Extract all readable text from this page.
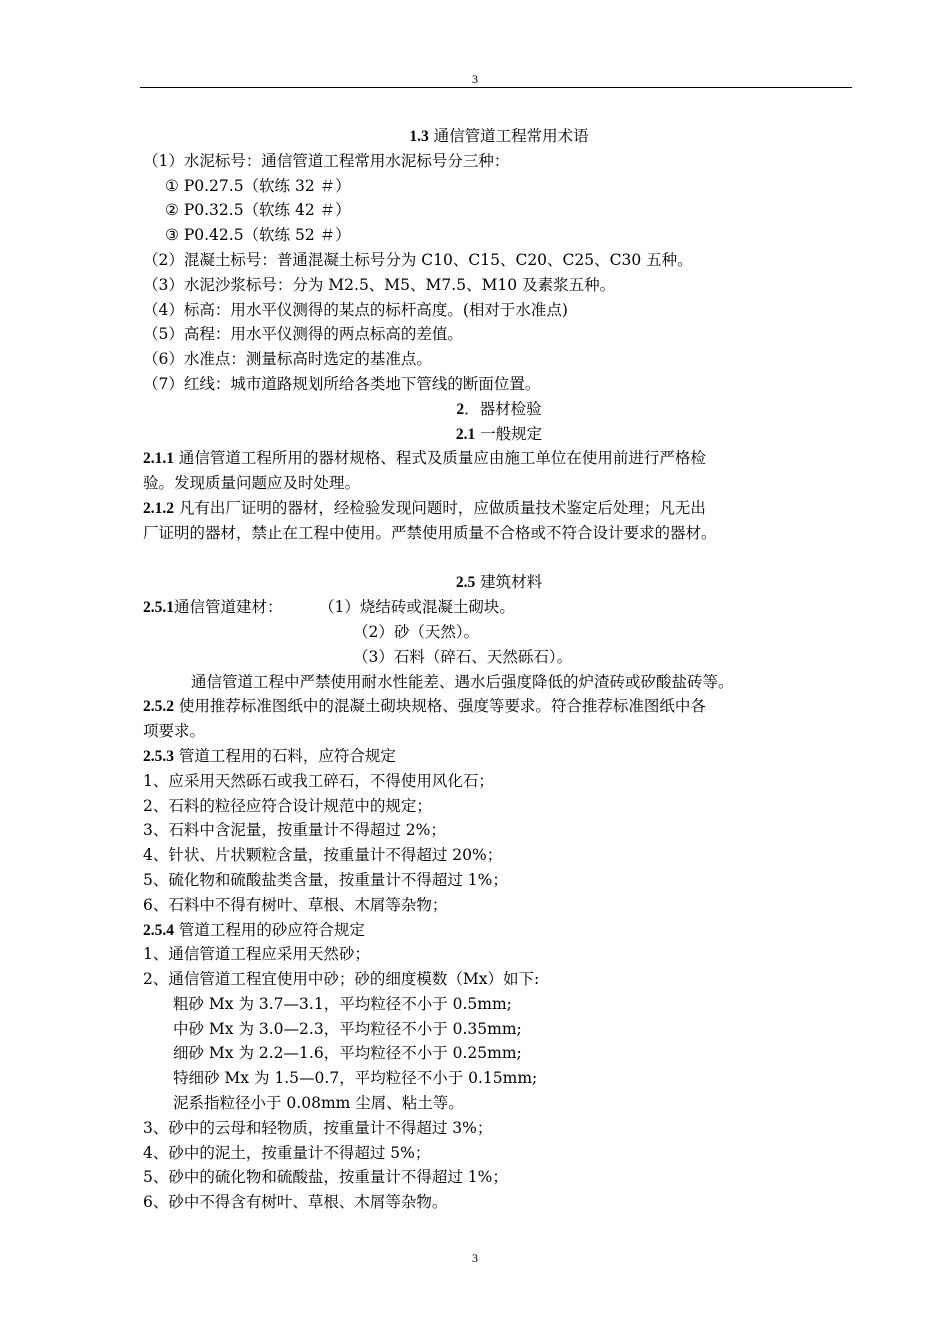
3
1.3 通信管道工程常用术语
（1）水泥标号：通信管道工程常用水泥标号分三种：
① P0.27.5（软练 32 ＃）
② P0.32.5（软练 42 ＃）
③ P0.42.5（软练 52 ＃）
（2）混凝土标号：普通混凝土标号分为 C10、C15、C20、C25、C30 五种。
（3）水泥沙浆标号：分为 M2.5、M5、M7.5、M10 及素浆五种。
（4）标高：用水平仪测得的某点的标杆高度。(相对于水准点)
（5）高程：用水平仪测得的两点标高的差值。
（6）水准点：测量标高时选定的基准点。
（7）红线：城市道路规划所给各类地下管线的断面位置。
2．器材检验
2.1 一般规定
2.1.1 通信管道工程所用的器材规格、程式及质量应由施工单位在使用前进行严格检
验。发现质量问题应及时处理。
2.1.2 凡有出厂证明的器材，经检验发现问题时，应做质量技术鉴定后处理；凡无出
厂证明的器材，禁止在工程中使用。严禁使用质量不合格或不符合设计要求的器材。
2.5 建筑材料
2.5.1通信管道建材： （1）烧结砖或混凝土砌块。
（2）砂（天然）。
（3）石料（碎石、天然砾石）。
通信管道工程中严禁使用耐水性能差、遇水后强度降低的炉渣砖或矽酸盐砖等。
2.5.2 使用推荐标准图纸中的混凝土砌块规格、强度等要求。符合推荐标准图纸中各
项要求。
2.5.3 管道工程用的石料，应符合规定
1、应采用天然砾石或我工碎石，不得使用风化石；
2、石料的粒径应符合设计规范中的规定；
3、石料中含泥量，按重量计不得超过 2%；
4、针状、片状颗粒含量，按重量计不得超过 20%；
5、硫化物和硫酸盐类含量，按重量计不得超过 1%；
6、石料中不得有树叶、草根、木屑等杂物；
2.5.4 管道工程用的砂应符合规定
1、通信管道工程应采用天然砂；
2、通信管道工程宜使用中砂；砂的细度模数（Mx）如下:
粗砂 Mx 为 3.7—3.1，平均粒径不小于 0.5mm;
中砂 Mx 为 3.0—2.3，平均粒径不小于 0.35mm;
细砂 Mx 为 2.2—1.6，平均粒径不小于 0.25mm;
特细砂 Mx 为 1.5—0.7，平均粒径不小于 0.15mm;
泥系指粒径小于 0.08mm 尘屑、粘土等。
3、砂中的云母和轻物质，按重量计不得超过 3%；
4、砂中的泥土，按重量计不得超过 5%；
5、砂中的硫化物和硫酸盐，按重量计不得超过 1%；
6、砂中不得含有树叶、草根、木屑等杂物。
3
